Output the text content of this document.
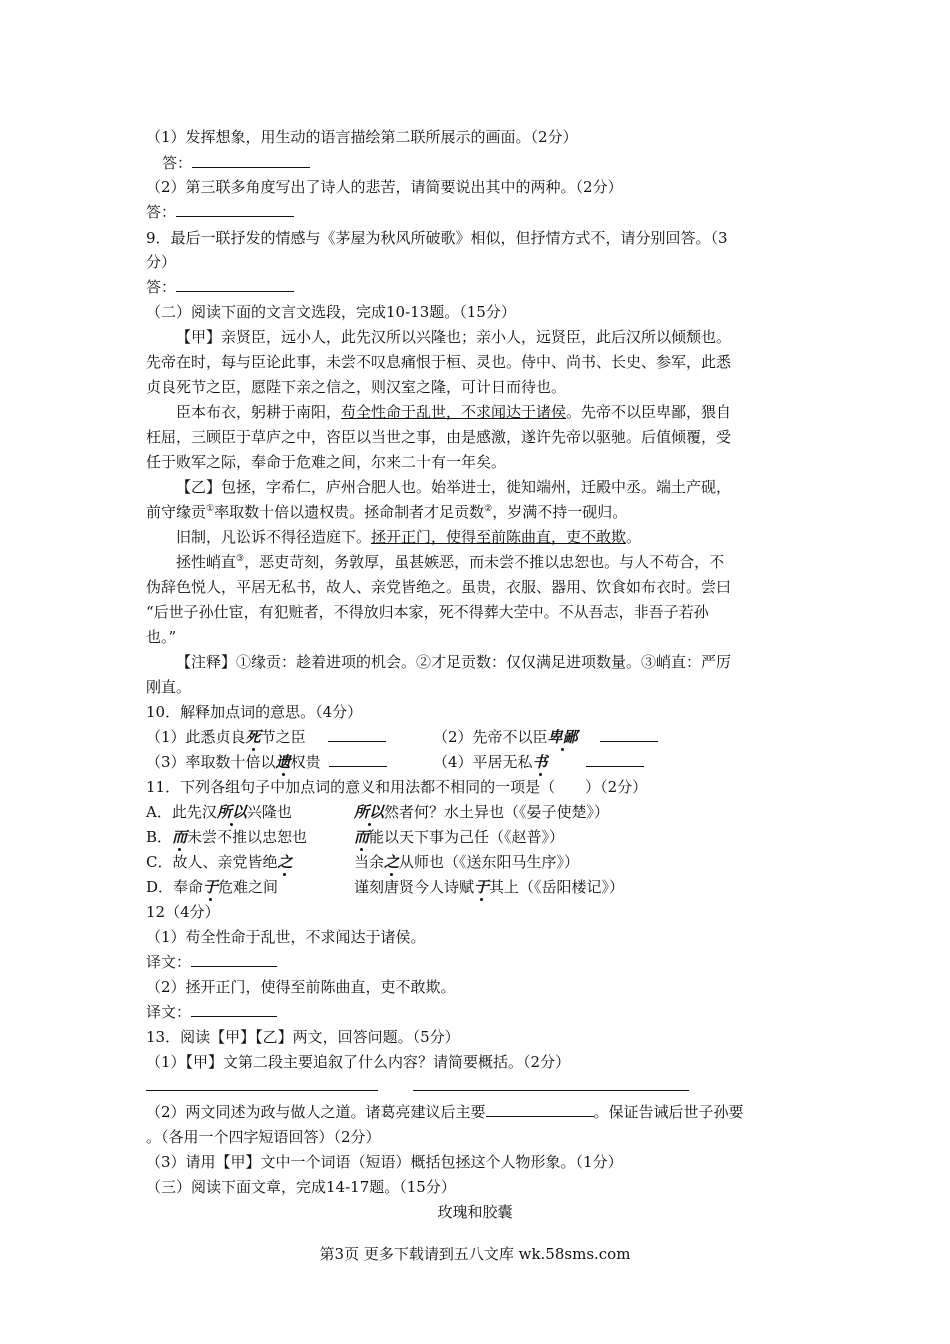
（1）发挥想象，用生动的语言描绘第二联所展示的画面。（2分）
答：
（2）第三联多角度写出了诗人的悲苦，请简要说出其中的两种。（2分）
答：
9．最后一联抒发的情感与《茅屋为秋风所破歌》相似，但抒情方式不，请分别回答。（3
分）
答：
（二）阅读下面的文言文选段，完成10-13题。（15分）
【甲】亲贤臣，远小人，此先汉所以兴隆也；亲小人，远贤臣，此后汉所以倾颓也。
先帝在时，每与臣论此事，未尝不叹息痛恨于桓、灵也。侍中、尚书、长史、参军，此悉
贞良死节之臣，愿陛下亲之信之，则汉室之隆，可计日而待也。
臣本布衣，躬耕于南阳，苟全性命于乱世，不求闻达于诸侯。先帝不以臣卑鄙，猥自
枉屈，三顾臣于草庐之中，咨臣以当世之事，由是感激，遂许先帝以驱驰。后值倾覆，受
任于败军之际，奉命于危难之间，尔来二十有一年矣。
【乙】包拯，字希仁，庐州合肥人也。始举进士，徙知端州，迁殿中丞。端土产砚，
前守缘贡①率取数十倍以遗权贵。拯命制者才足贡数②，岁满不持一砚归。
旧制，凡讼诉不得径造庭下。拯开正门，使得至前陈曲直，吏不敢欺。
拯性峭直③，恶吏苛刻，务敦厚，虽甚嫉恶，而未尝不推以忠恕也。与人不苟合，不
伪辞色悦人，平居无私书，故人、亲党皆绝之。虽贵，衣服、器用、饮食如布衣时。尝曰
“后世子孙仕宦，有犯赃者，不得放归本家，死不得葬大茔中。不从吾志，非吾子若孙
也。”
【注释】①缘贡：趁着进项的机会。②才足贡数：仅仅满足进项数量。③峭直：严厉
刚直。
10．解释加点词的意思。（4分）
（1）此悉贞良死节之臣	（2）先帝不以臣卑鄙
（3）率取数十倍以遗权贵	（4）平居无私书
11．下列各组句子中加点词的意义和用法都不相同的一项是（　　）（2分）
A．此先汉所以兴隆也	所以然者何？水土异也（《晏子使楚》）
B．而未尝不推以忠恕也	而能以天下事为己任（《赵普》）
C．故人、亲党皆绝之	当余之从师也（《送东阳马生序》）
D．奉命于危难之间	谨刻唐贤今人诗赋于其上（《岳阳楼记》）
12（4分）
（1）苟全性命于乱世，不求闻达于诸侯。
译文：
（2）拯开正门，使得至前陈曲直，吏不敢欺。
译文：
13．阅读【甲】【乙】两文，回答问题。（5分）
（1）【甲】文第二段主要追叙了什么内容？请简要概括。（2分）
（2）两文同述为政与做人之道。诸葛亮建议后主要	。保证告诫后世子孙要
。（各用一个四字短语回答）（2分）
（3）请用【甲】文中一个词语（短语）概括包拯这个人物形象。（1分）
（三）阅读下面文章，完成14-17题。（15分）
玫瑰和胶囊
第3页 更多下载请到五八文库 wk.58sms.com
